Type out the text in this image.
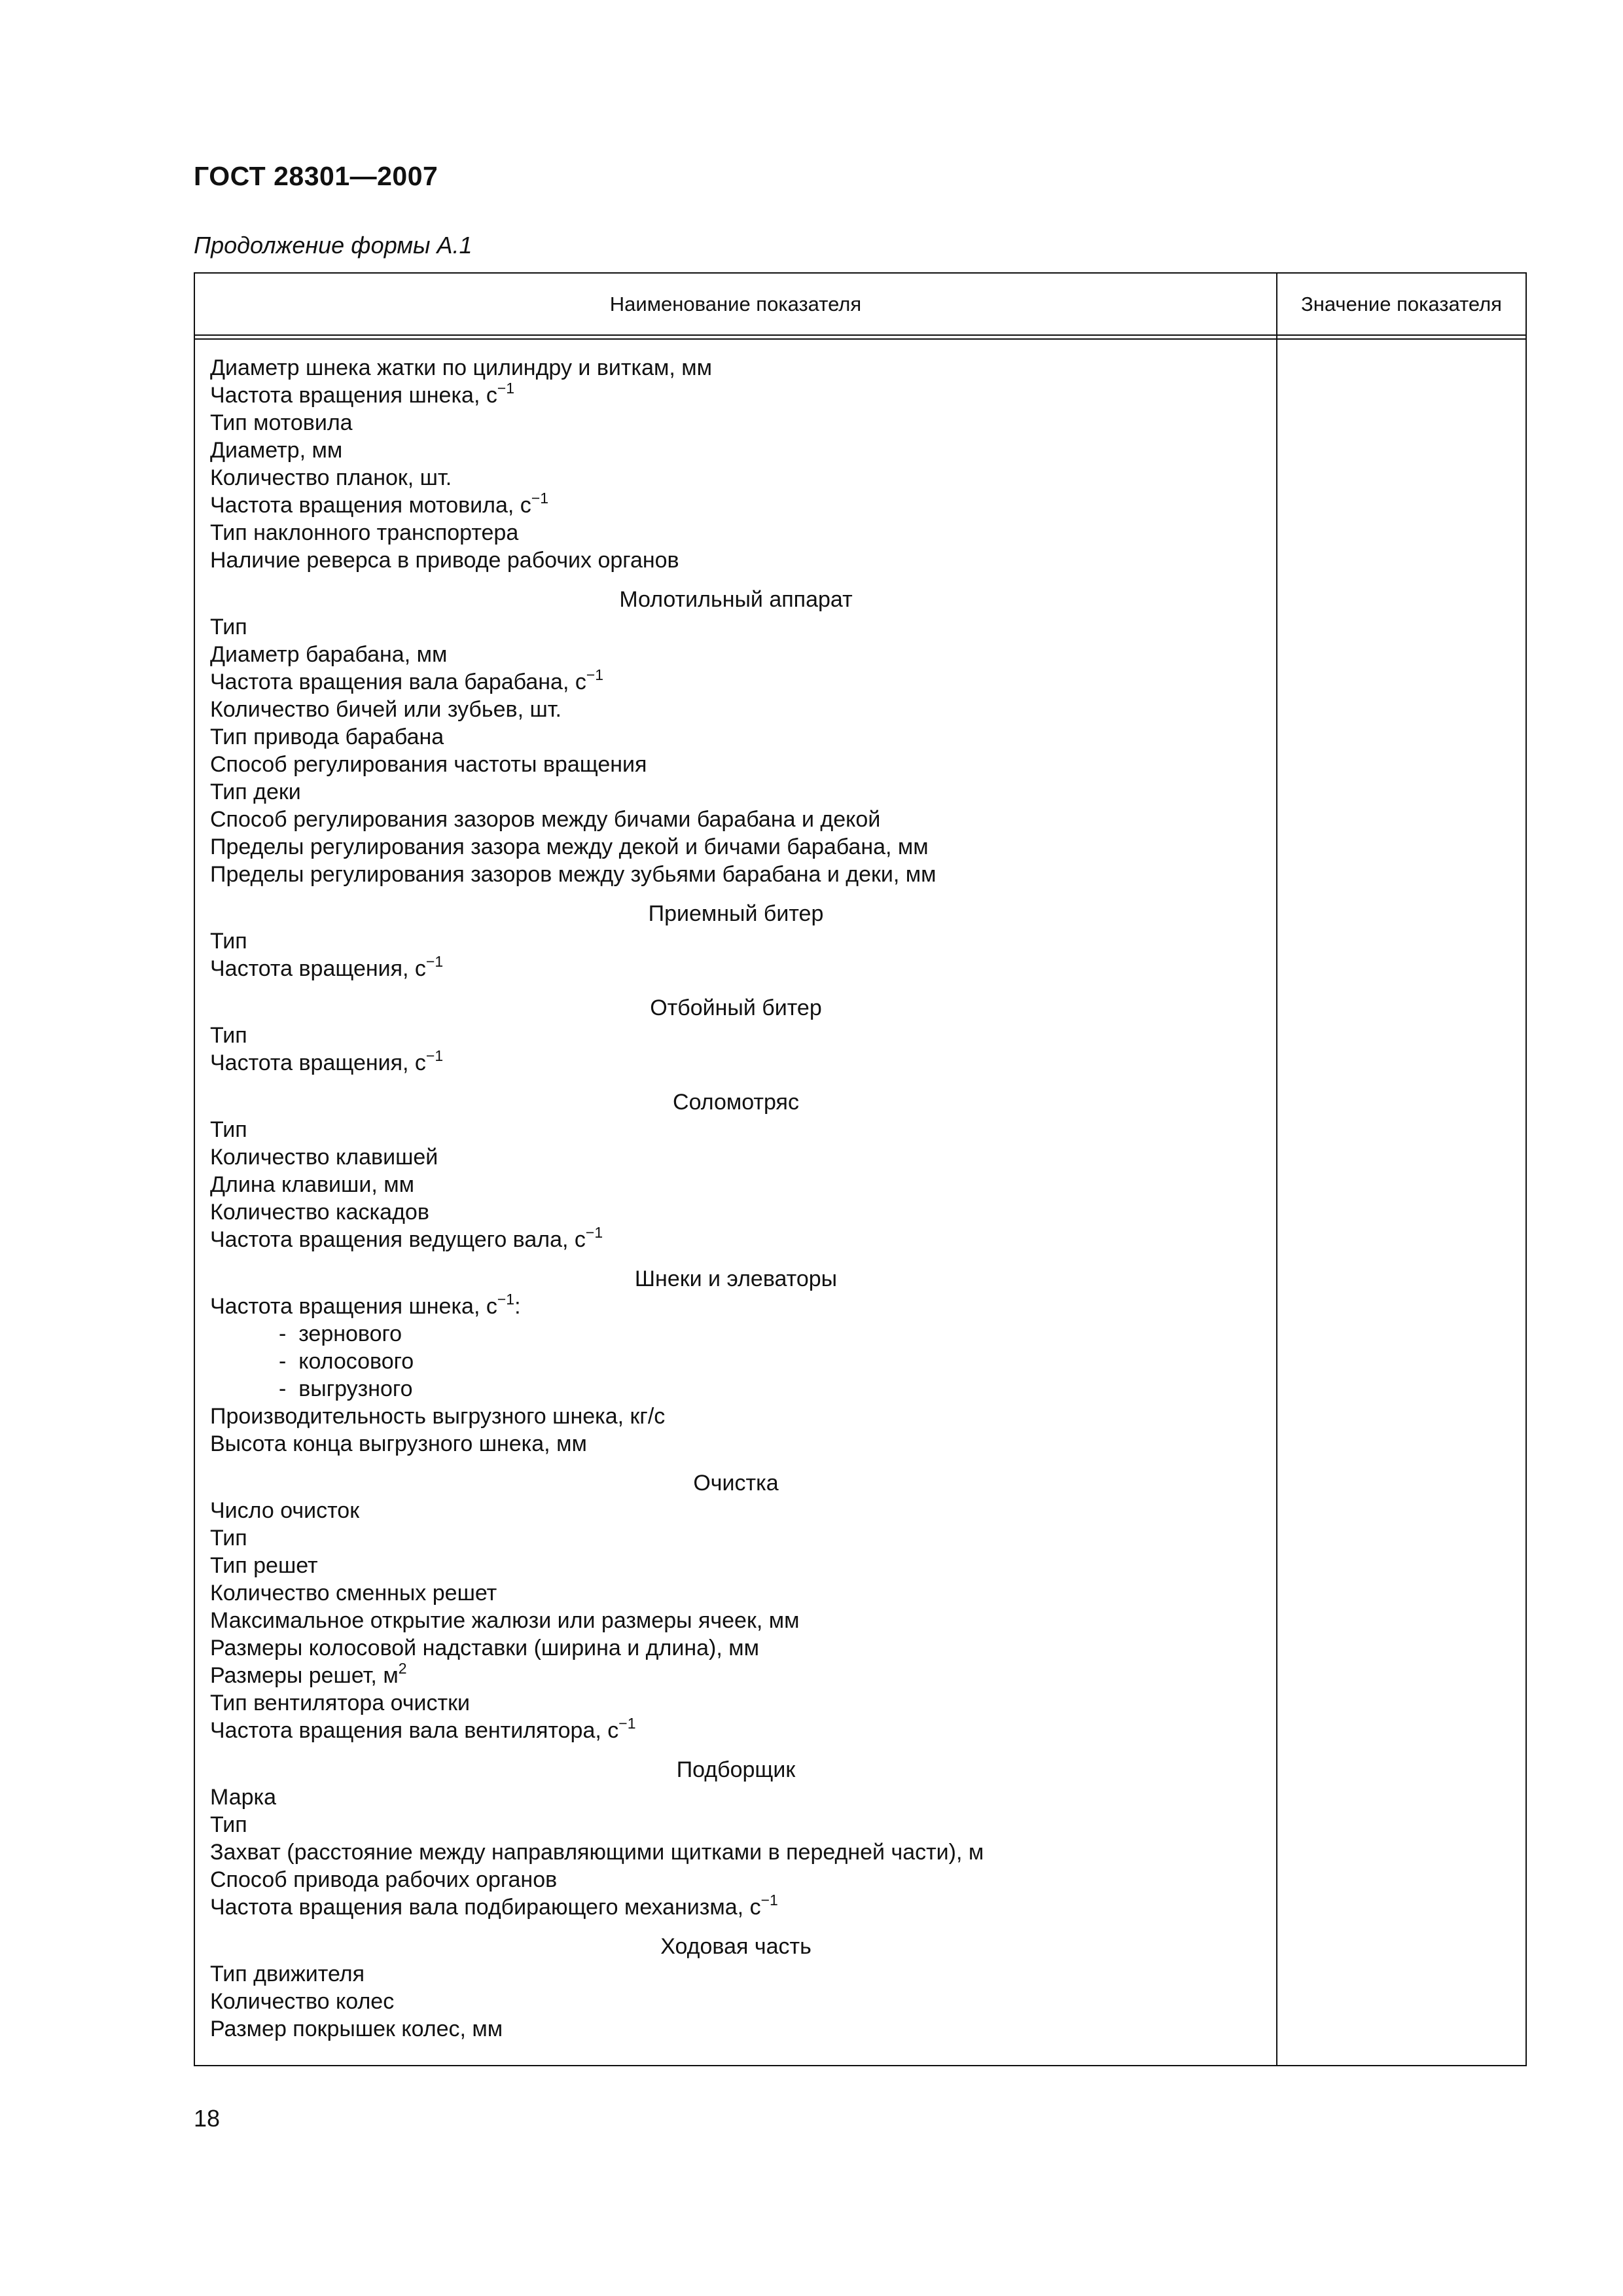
ГОСТ 28301—2007

Продолжение формы А.1

Наименование показателя	Значение показателя
Диаметр шнека жатки по цилиндру и виткам, мм
Частота вращения шнека, $с^{-1}$
Тип мотовила
Диаметр, мм
Количество планок, шт.
Частота вращения мотовила, $с^{-1}$
Тип наклонного транспортера
Наличие реверса в приводе рабочих органов
Молотильный аппарат
Тип
Диаметр барабана, мм
Частота вращения вала барабана, $с^{-1}$
Количество бичей или зубьев, шт.
Тип привода барабана
Способ регулирования частоты вращения
Тип деки
Способ регулирования зазоров между бичами барабана и декой
Пределы регулирования зазора между декой и бичами барабана, мм
Пределы регулирования зазоров между зубьями барабана и деки, мм
Приемный битер
Тип
Частота вращения, $с^{-1}$
Отбойный битер
Тип
Частота вращения, $с^{-1}$
Соломотряс
Тип
Количество клавишей
Длина клавиши, мм
Количество каскадов
Частота вращения ведущего вала, $с^{-1}$
Шнеки и элеваторы
Частота вращения шнека, $с^{-1}$:
- зернового
- колосового
- выгрузного
Производительность выгрузного шнека, кг/с
Высота конца выгрузного шнека, мм
Очистка
Число очисток
Тип
Тип решет
Количество сменных решет
Максимальное открытие жалюзи или размеры ячеек, мм
Размеры колосовой надставки (ширина и длина), мм
Размеры решет, $м^2$
Тип вентилятора очистки
Частота вращения вала вентилятора, $с^{-1}$
Подборщик
Марка
Тип
Захват (расстояние между направляющими щитками в передней части), м
Способ привода рабочих органов
Частота вращения вала подбирающего механизма, $с^{-1}$
Ходовая часть
Тип движителя
Количество колес
Размер покрышек колес, мм

18
